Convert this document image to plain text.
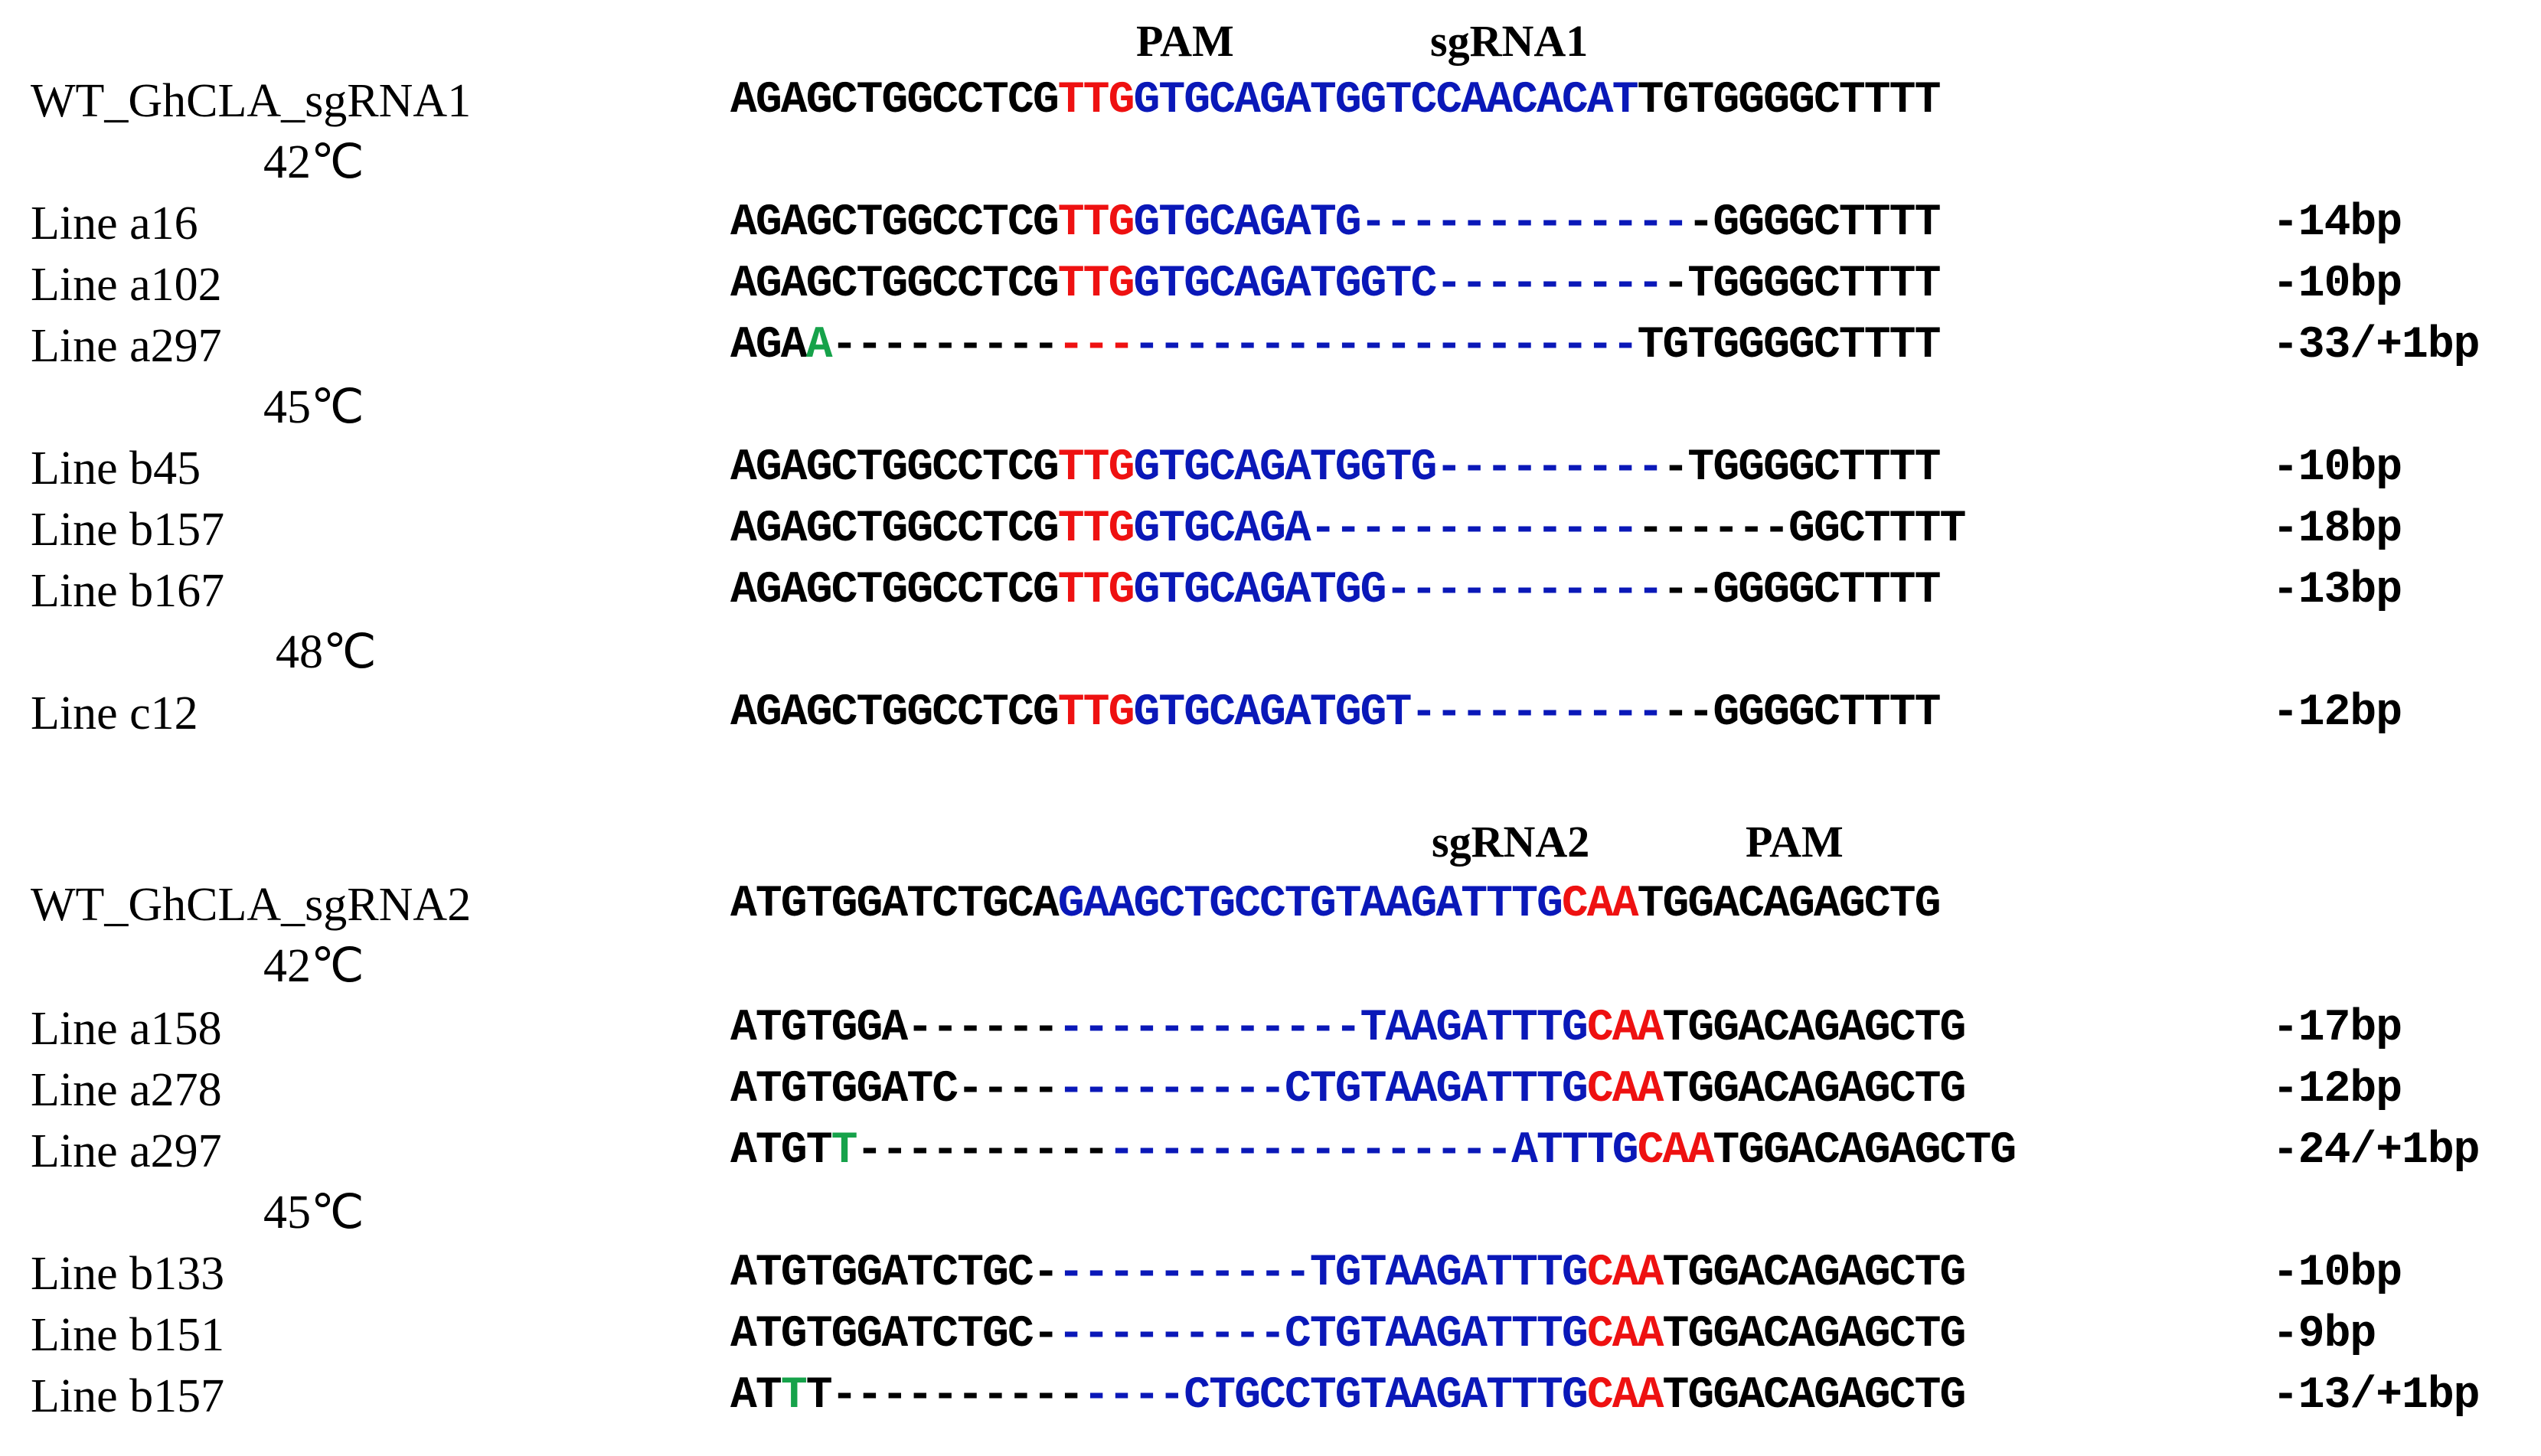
PAM	sgRNA1
WT_GhCLA_sgRNA1	AGAGCTGGCCTCGTTGGTGCAGATGGTCCAACACATTGTGGGGCTTTT
42℃
Line a16	AGAGCTGGCCTCGTTGGTGCAGATG--------------GGGGCTTTT	-14bp
Line a102	AGAGCTGGCCTCGTTGGTGCAGATGGTC----------TGGGGCTTTT	-10bp
Line a297	AGAA--------------------------------TGTGGGGCTTTT	-33/+1bp
45℃
Line b45	AGAGCTGGCCTCGTTGGTGCAGATGGTG----------TGGGGCTTTT	-10bp
Line b157	AGAGCTGGCCTCGTTGGTGCAGA-------------------GGCTTTT	-18bp
Line b167	AGAGCTGGCCTCGTTGGTGCAGATGG-------------GGGGCTTTT	-13bp
48℃
Line c12	AGAGCTGGCCTCGTTGGTGCAGATGGT------------GGGGCTTTT	-12bp
sgRNA2	PAM
WT_GhCLA_sgRNA2	ATGTGGATCTGCAGAAGCTGCCTGTAAGATTTGCAATGGACAGAGCTG
42℃
Line a158	ATGTGGA------------------TAAGATTTGCAATGGACAGAGCTG	-17bp
Line a278	ATGTGGATC-------------CTGTAAGATTTGCAATGGACAGAGCTG	-12bp
Line a297	ATGTT--------------------------ATTTGCAATGGACAGAGCTG	-24/+1bp
45℃
Line b133	ATGTGGATCTGC-----------TGTAAGATTTGCAATGGACAGAGCTG	-10bp
Line b151	ATGTGGATCTGC----------CTGTAAGATTTGCAATGGACAGAGCTG	-9bp
Line b157	ATTT--------------CTGCCTGTAAGATTTGCAATGGACAGAGCTG	-13/+1bp
